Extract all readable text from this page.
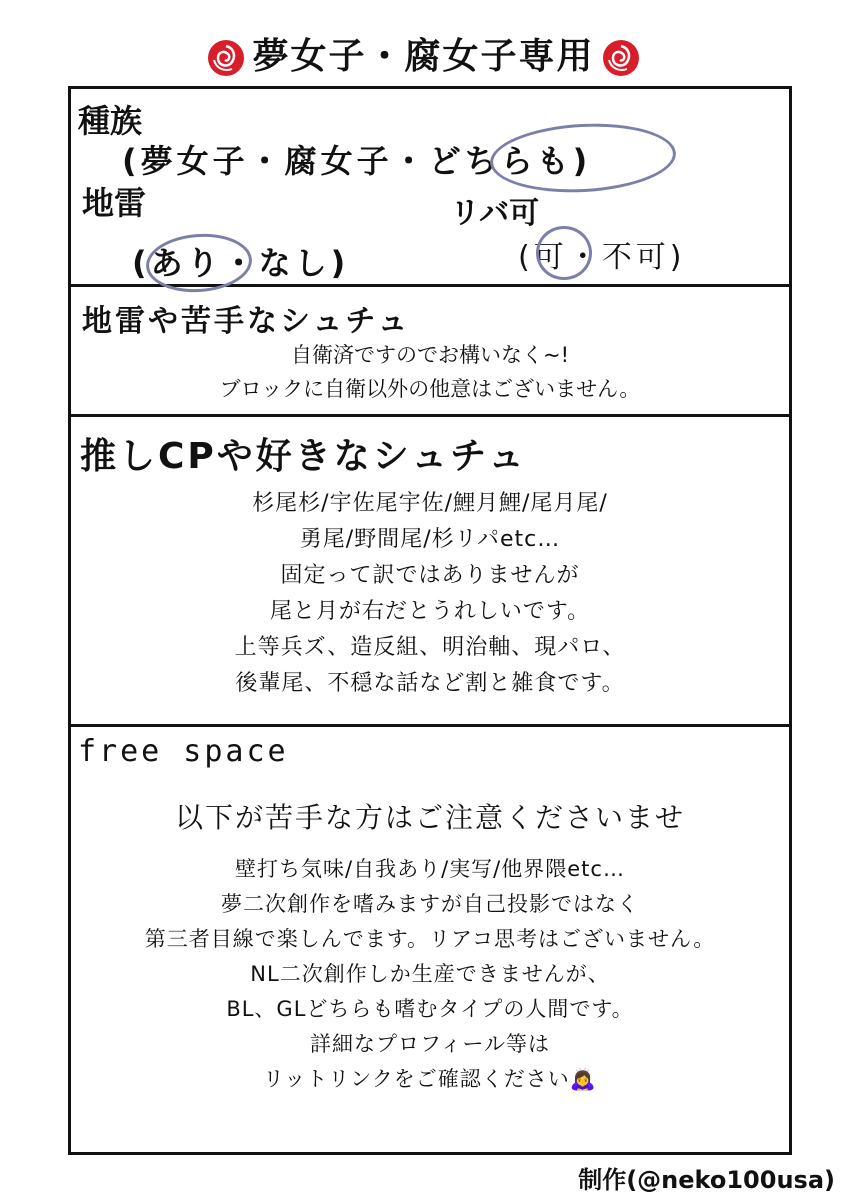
夢女子・腐女子専用
種族
(夢女子・腐女子・どちらも)
地雷
(あり・なし)
リバ可
(可・不可)
地雷や苦手なシュチュ
自衛済ですのでお構いなく~!
ブロックに自衛以外の他意はございません。
推しCPや好きなシュチュ
杉尾杉/宇佐尾宇佐/鯉月鯉/尾月尾/
勇尾/野間尾/杉リパetc…
固定って訳ではありませんが
尾と月が右だとうれしいです。
上等兵ズ、造反組、明治軸、現パロ、
後輩尾、不穏な話など割と雑食です。
free space
以下が苦手な方はご注意くださいませ
壁打ち気味/自我あり/実写/他界隈etc…
夢二次創作を嗜みますが自己投影ではなく
第三者目線で楽しんでます。リアコ思考はございません。
NL二次創作しか生産できませんが、
BL、GLどちらも嗜むタイプの人間です。
詳細なプロフィール等は
リットリンクをご確認ください🙇‍♀️
制作(@neko100usa)
